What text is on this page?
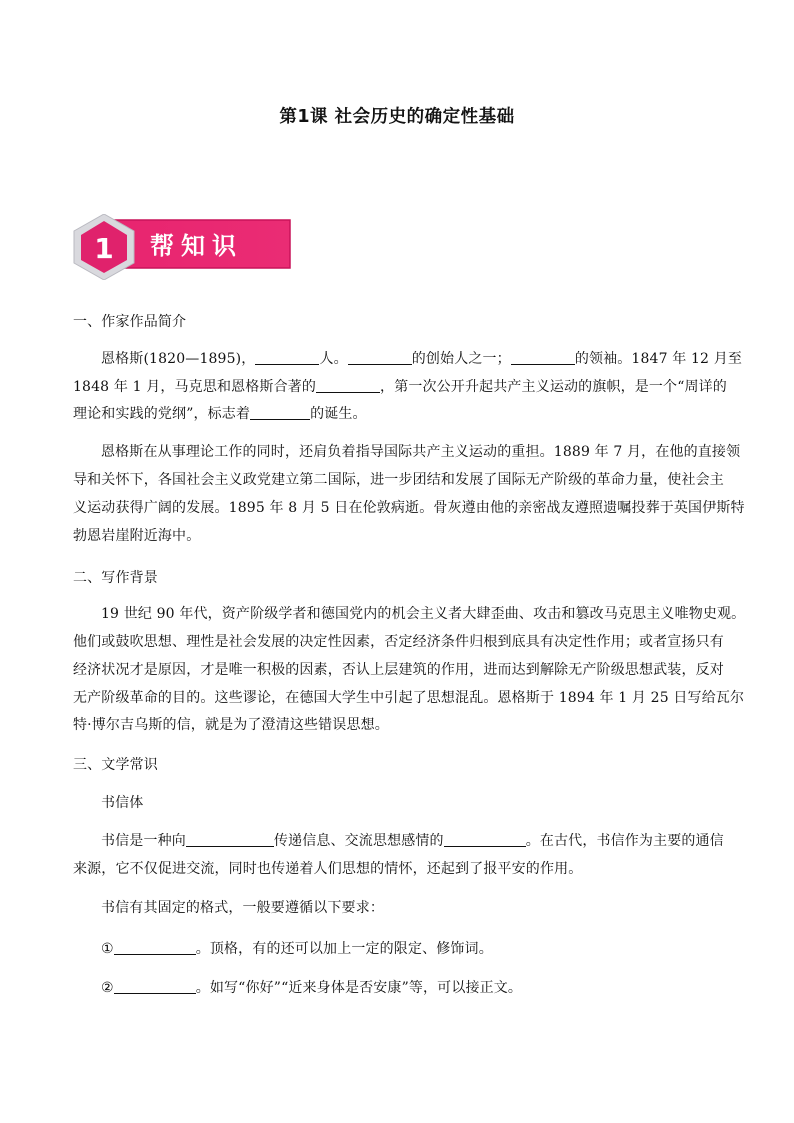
第1课 社会历史的确定性基础
1 帮知识
一、作家作品简介
恩格斯(1820—1895)，	人。	的创始人之一；	的领袖。1847 年 12 月至
1848 年 1 月，马克思和恩格斯合著的	，第一次公开升起共产主义运动的旗帜，是一个“周详的
理论和实践的党纲”，标志着	的诞生。
恩格斯在从事理论工作的同时，还肩负着指导国际共产主义运动的重担。1889 年 7 月，在他的直接领
导和关怀下，各国社会主义政党建立第二国际，进一步团结和发展了国际无产阶级的革命力量，使社会主
义运动获得广阔的发展。1895 年 8 月 5 日在伦敦病逝。骨灰遵由他的亲密战友遵照遗嘱投葬于英国伊斯特
勃恩岩崖附近海中。
二、写作背景
19 世纪 90 年代，资产阶级学者和德国党内的机会主义者大肆歪曲、攻击和篡改马克思主义唯物史观。
他们或鼓吹思想、理性是社会发展的决定性因素，否定经济条件归根到底具有决定性作用；或者宣扬只有
经济状况才是原因，才是唯一积极的因素，否认上层建筑的作用，进而达到解除无产阶级思想武装，反对
无产阶级革命的目的。这些谬论，在德国大学生中引起了思想混乱。恩格斯于 1894 年 1 月 25 日写给瓦尔
特·博尔吉乌斯的信，就是为了澄清这些错误思想。
三、文学常识
书信体
书信是一种向	传递信息、交流思想感情的	。在古代，书信作为主要的通信
来源，它不仅促进交流，同时也传递着人们思想的情怀，还起到了报平安的作用。
书信有其固定的格式，一般要遵循以下要求：
①	。顶格，有的还可以加上一定的限定、修饰词。
②	。如写“你好”“近来身体是否安康”等，可以接正文。
